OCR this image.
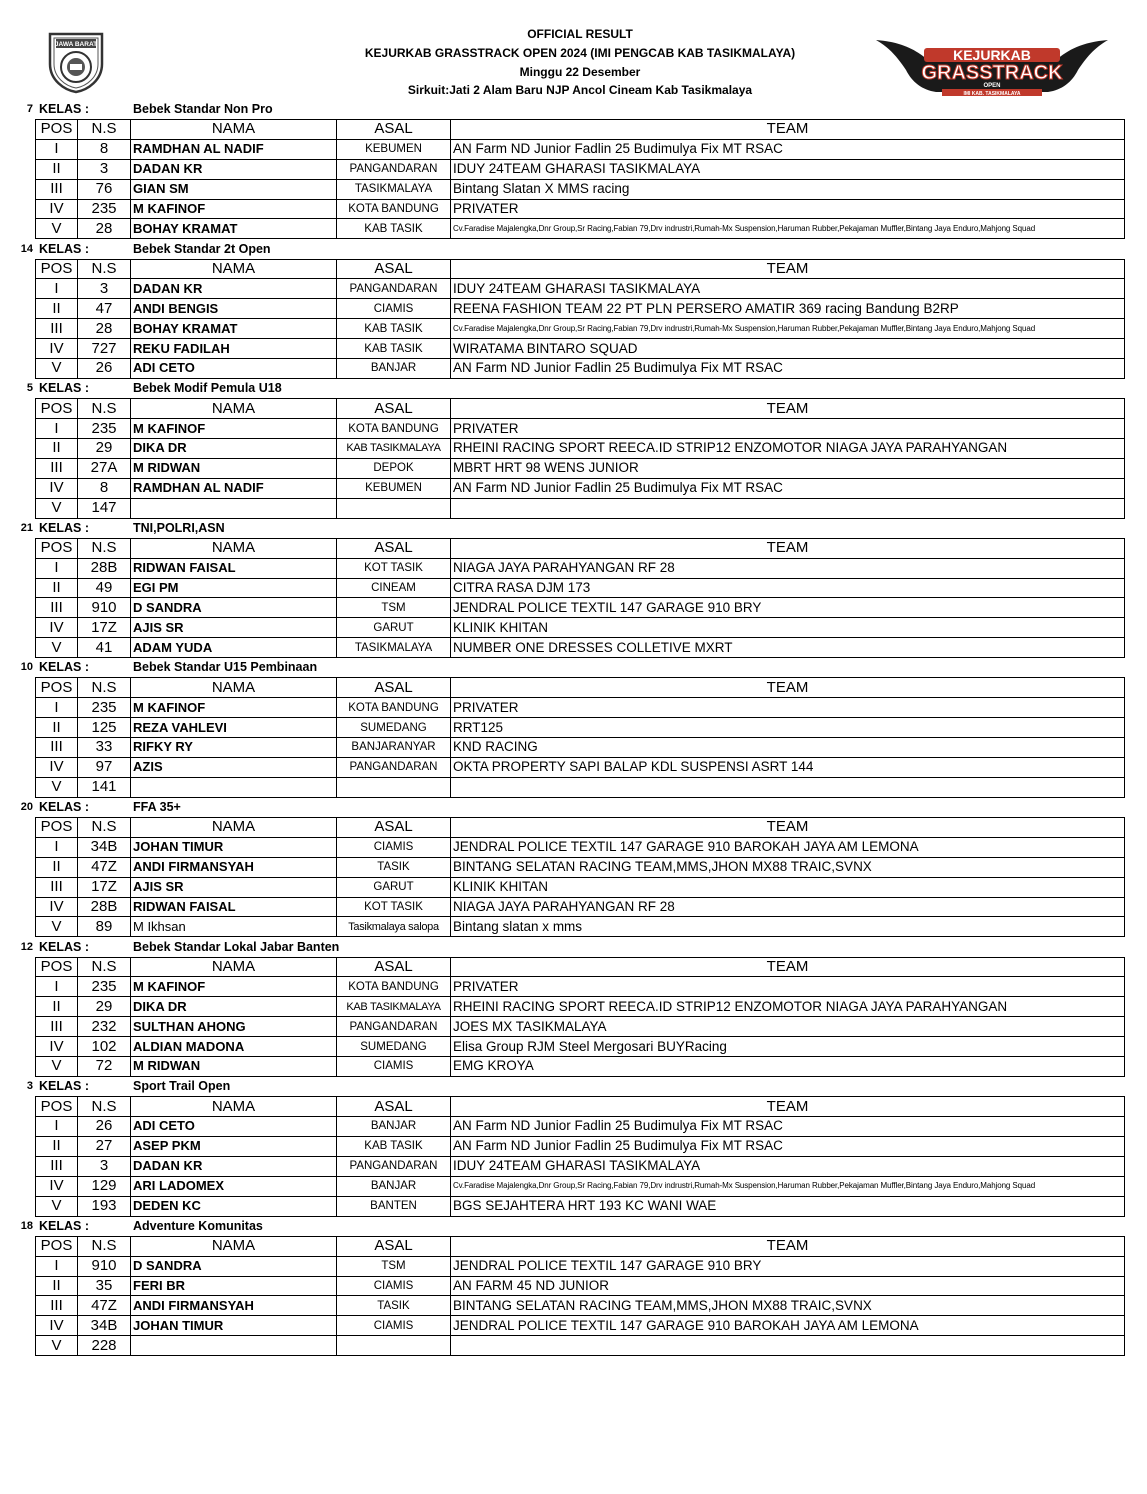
JAWA BARAT
OFFICIAL RESULT
KEJURKAB GRASSTRACK OPEN 2024 (IMI PENGCAB KAB TASIKMALAYA)
Minggu 22 Desember
Sirkuit:Jati 2 Alam Baru NJP Ancol Cineam Kab Tasikmalaya
KEJURKAB
GRASSTRACK
OPEN
IMI KAB. TASIKMALAYA
7 KELAS :	Bebek Standar Non Pro
POS	N.S	NAMA	ASAL	TEAM
I	8	RAMDHAN AL NADIF	KEBUMEN	AN Farm ND Junior Fadlin 25 Budimulya Fix MT RSAC
II	3	DADAN KR	PANGANDARAN	IDUY 24TEAM GHARASI TASIKMALAYA
III	76	GIAN SM	TASIKMALAYA	Bintang Slatan X MMS racing
IV	235	M KAFINOF	KOTA BANDUNG	PRIVATER
V	28	BOHAY KRAMAT	KAB TASIK	Cv.Faradise Majalengka,Dnr Group,Sr Racing,Fabian 79,Drv indrustri,Rumah-Mx Suspension,Haruman Rubber,Pekajaman Muffler,Bintang Jaya Enduro,Mahjong Squad
14 KELAS :	Bebek Standar 2t Open
POS	N.S	NAMA	ASAL	TEAM
I	3	DADAN KR	PANGANDARAN	IDUY 24TEAM GHARASI TASIKMALAYA
II	47	ANDI BENGIS	CIAMIS	REENA FASHION TEAM 22 PT PLN PERSERO AMATIR 369 racing Bandung B2RP
III	28	BOHAY KRAMAT	KAB TASIK	Cv.Faradise Majalengka,Dnr Group,Sr Racing,Fabian 79,Drv indrustri,Rumah-Mx Suspension,Haruman Rubber,Pekajaman Muffler,Bintang Jaya Enduro,Mahjong Squad
IV	727	REKU FADILAH	KAB TASIK	WIRATAMA BINTARO SQUAD
V	26	ADI CETO	BANJAR	AN Farm ND Junior Fadlin 25 Budimulya Fix MT RSAC
5 KELAS :	Bebek Modif Pemula U18
POS	N.S	NAMA	ASAL	TEAM
I	235	M KAFINOF	KOTA BANDUNG	PRIVATER
II	29	DIKA DR	KAB TASIKMALAYA	RHEINI RACING SPORT REECA.ID STRIP12 ENZOMOTOR NIAGA JAYA PARAHYANGAN
III	27A	M RIDWAN	DEPOK	MBRT HRT 98 WENS JUNIOR
IV	8	RAMDHAN AL NADIF	KEBUMEN	AN Farm ND Junior Fadlin 25 Budimulya Fix MT RSAC
V	147			
21 KELAS :	TNI,POLRI,ASN
POS	N.S	NAMA	ASAL	TEAM
I	28B	RIDWAN FAISAL	KOT TASIK	NIAGA JAYA PARAHYANGAN RF 28
II	49	EGI PM	CINEAM	CITRA RASA DJM 173
III	910	D SANDRA	TSM	JENDRAL POLICE TEXTIL 147 GARAGE 910 BRY
IV	17Z	AJIS SR	GARUT	KLINIK KHITAN
V	41	ADAM YUDA	TASIKMALAYA	NUMBER ONE DRESSES COLLETIVE MXRT
10 KELAS :	Bebek Standar U15 Pembinaan
POS	N.S	NAMA	ASAL	TEAM
I	235	M KAFINOF	KOTA BANDUNG	PRIVATER
II	125	REZA VAHLEVI	SUMEDANG	RRT125
III	33	RIFKY RY	BANJARANYAR	KND RACING
IV	97	AZIS	PANGANDARAN	OKTA PROPERTY SAPI BALAP KDL SUSPENSI ASRT 144
V	141			
20 KELAS :	FFA 35+
POS	N.S	NAMA	ASAL	TEAM
I	34B	JOHAN TIMUR	CIAMIS	JENDRAL POLICE TEXTIL 147 GARAGE 910 BAROKAH JAYA AM LEMONA
II	47Z	ANDI FIRMANSYAH	TASIK	BINTANG SELATAN RACING TEAM,MMS,JHON MX88 TRAIC,SVNX
III	17Z	AJIS SR	GARUT	KLINIK KHITAN
IV	28B	RIDWAN FAISAL	KOT TASIK	NIAGA JAYA PARAHYANGAN RF 28
V	89	M Ikhsan	Tasikmalaya salopa	Bintang slatan x mms
12 KELAS :	Bebek Standar Lokal Jabar Banten
POS	N.S	NAMA	ASAL	TEAM
I	235	M KAFINOF	KOTA BANDUNG	PRIVATER
II	29	DIKA DR	KAB TASIKMALAYA	RHEINI RACING SPORT REECA.ID STRIP12 ENZOMOTOR NIAGA JAYA PARAHYANGAN
III	232	SULTHAN AHONG	PANGANDARAN	JOES MX TASIKMALAYA
IV	102	ALDIAN MADONA	SUMEDANG	Elisa Group RJM Steel Mergosari BUYRacing
V	72	M RIDWAN	CIAMIS	EMG KROYA
3 KELAS :	Sport Trail Open
POS	N.S	NAMA	ASAL	TEAM
I	26	ADI CETO	BANJAR	AN Farm ND Junior Fadlin 25 Budimulya Fix MT RSAC
II	27	ASEP PKM	KAB TASIK	AN Farm ND Junior Fadlin 25 Budimulya Fix MT RSAC
III	3	DADAN KR	PANGANDARAN	IDUY 24TEAM GHARASI TASIKMALAYA
IV	129	ARI LADOMEX	BANJAR	Cv.Faradise Majalengka,Dnr Group,Sr Racing,Fabian 79,Drv indrustri,Rumah-Mx Suspension,Haruman Rubber,Pekajaman Muffler,Bintang Jaya Enduro,Mahjong Squad
V	193	DEDEN KC	BANTEN	BGS SEJAHTERA HRT 193 KC WANI WAE
18 KELAS :	Adventure Komunitas
POS	N.S	NAMA	ASAL	TEAM
I	910	D SANDRA	TSM	JENDRAL POLICE TEXTIL 147 GARAGE 910 BRY
II	35	FERI BR	CIAMIS	AN FARM 45 ND JUNIOR
III	47Z	ANDI FIRMANSYAH	TASIK	BINTANG SELATAN RACING TEAM,MMS,JHON MX88 TRAIC,SVNX
IV	34B	JOHAN TIMUR	CIAMIS	JENDRAL POLICE TEXTIL 147 GARAGE 910 BAROKAH JAYA AM LEMONA
V	228			
